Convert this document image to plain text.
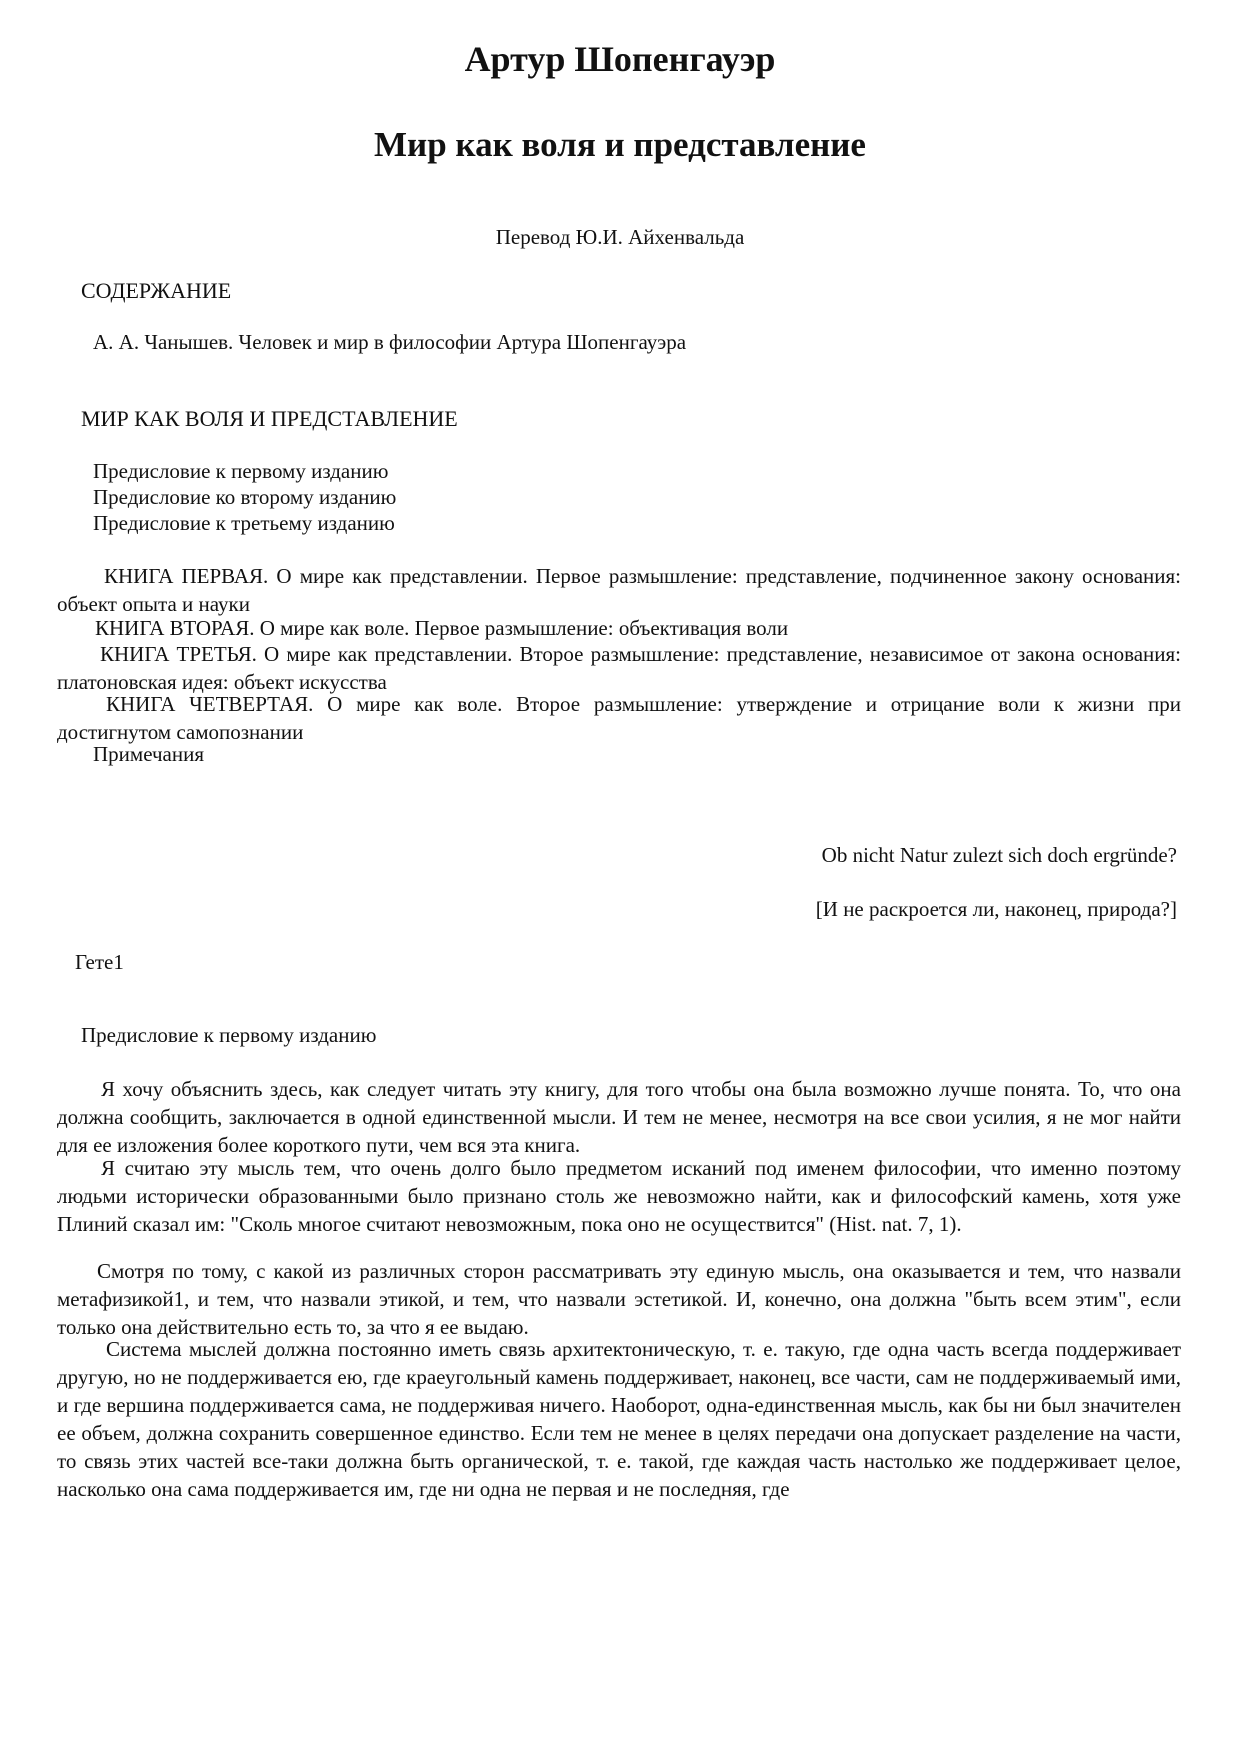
Артур Шопенгауэр
Мир как воля и представление

Перевод Ю.И. Айхенвальда

СОДЕРЖАНИЕ

А. А. Чанышев. Человек и мир в философии Артура Шопенгауэра

МИР КАК ВОЛЯ И ПРЕДСТАВЛЕНИЕ

Предисловие к первому изданию

Предисловие ко второму изданию

Предисловие к третьему изданию

КНИГА ПЕРВАЯ. О мире как представлении. Первое размышление: представление, подчиненное закону основания: объект опыта и науки

КНИГА ВТОРАЯ. О мире как воле. Первое размышление: объективация воли

КНИГА ТРЕТЬЯ. О мире как представлении. Второе размышление: представление, независимое от закона основания: платоновская идея: объект искусства

КНИГА ЧЕТВЕРТАЯ. О мире как воле. Второе размышление: утверждение и отрицание воли к жизни при достигнутом самопознании

Примечания

Ob nicht Natur zulezt sich doch ergründe?

[И не раскроется ли, наконец, природа?]

Гете1

Предисловие к первому изданию

Я хочу объяснить здесь, как следует читать эту книгу, для того чтобы она была возможно лучше понята. То, что она должна сообщить, заключается в одной единственной мысли. И тем не менее, несмотря на все свои усилия, я не мог найти для ее изложения более короткого пути, чем вся эта книга.

Я считаю эту мысль тем, что очень долго было предметом исканий под именем философии, что именно поэтому людьми исторически образованными было признано столь же невозможно найти, как и философский камень, хотя уже Плиний сказал им: "Сколь многое считают невозможным, пока оно не осуществится" (Hist. nat. 7, 1).

Смотря по тому, с какой из различных сторон рассматривать эту единую мысль, она оказывается и тем, что назвали метафизикой1, и тем, что назвали этикой, и тем, что назвали эстетикой. И, конечно, она должна "быть всем этим", если только она действительно есть то, за что я ее выдаю.

Система мыслей должна постоянно иметь связь архитектоническую, т. е. такую, где одна часть всегда поддерживает другую, но не поддерживается ею, где краеугольный камень поддерживает, наконец, все части, сам не поддерживаемый ими, и где вершина поддерживается сама, не поддерживая ничего. Наоборот, одна-единственная мысль, как бы ни был значителен ее объем, должна сохранить совершенное единство. Если тем не менее в целях передачи она допускает разделение на части, то связь этих частей все-таки должна быть органической, т. е. такой, где каждая часть настолько же поддерживает целое, насколько она сама поддерживается им, где ни одна не первая и не последняя, где
